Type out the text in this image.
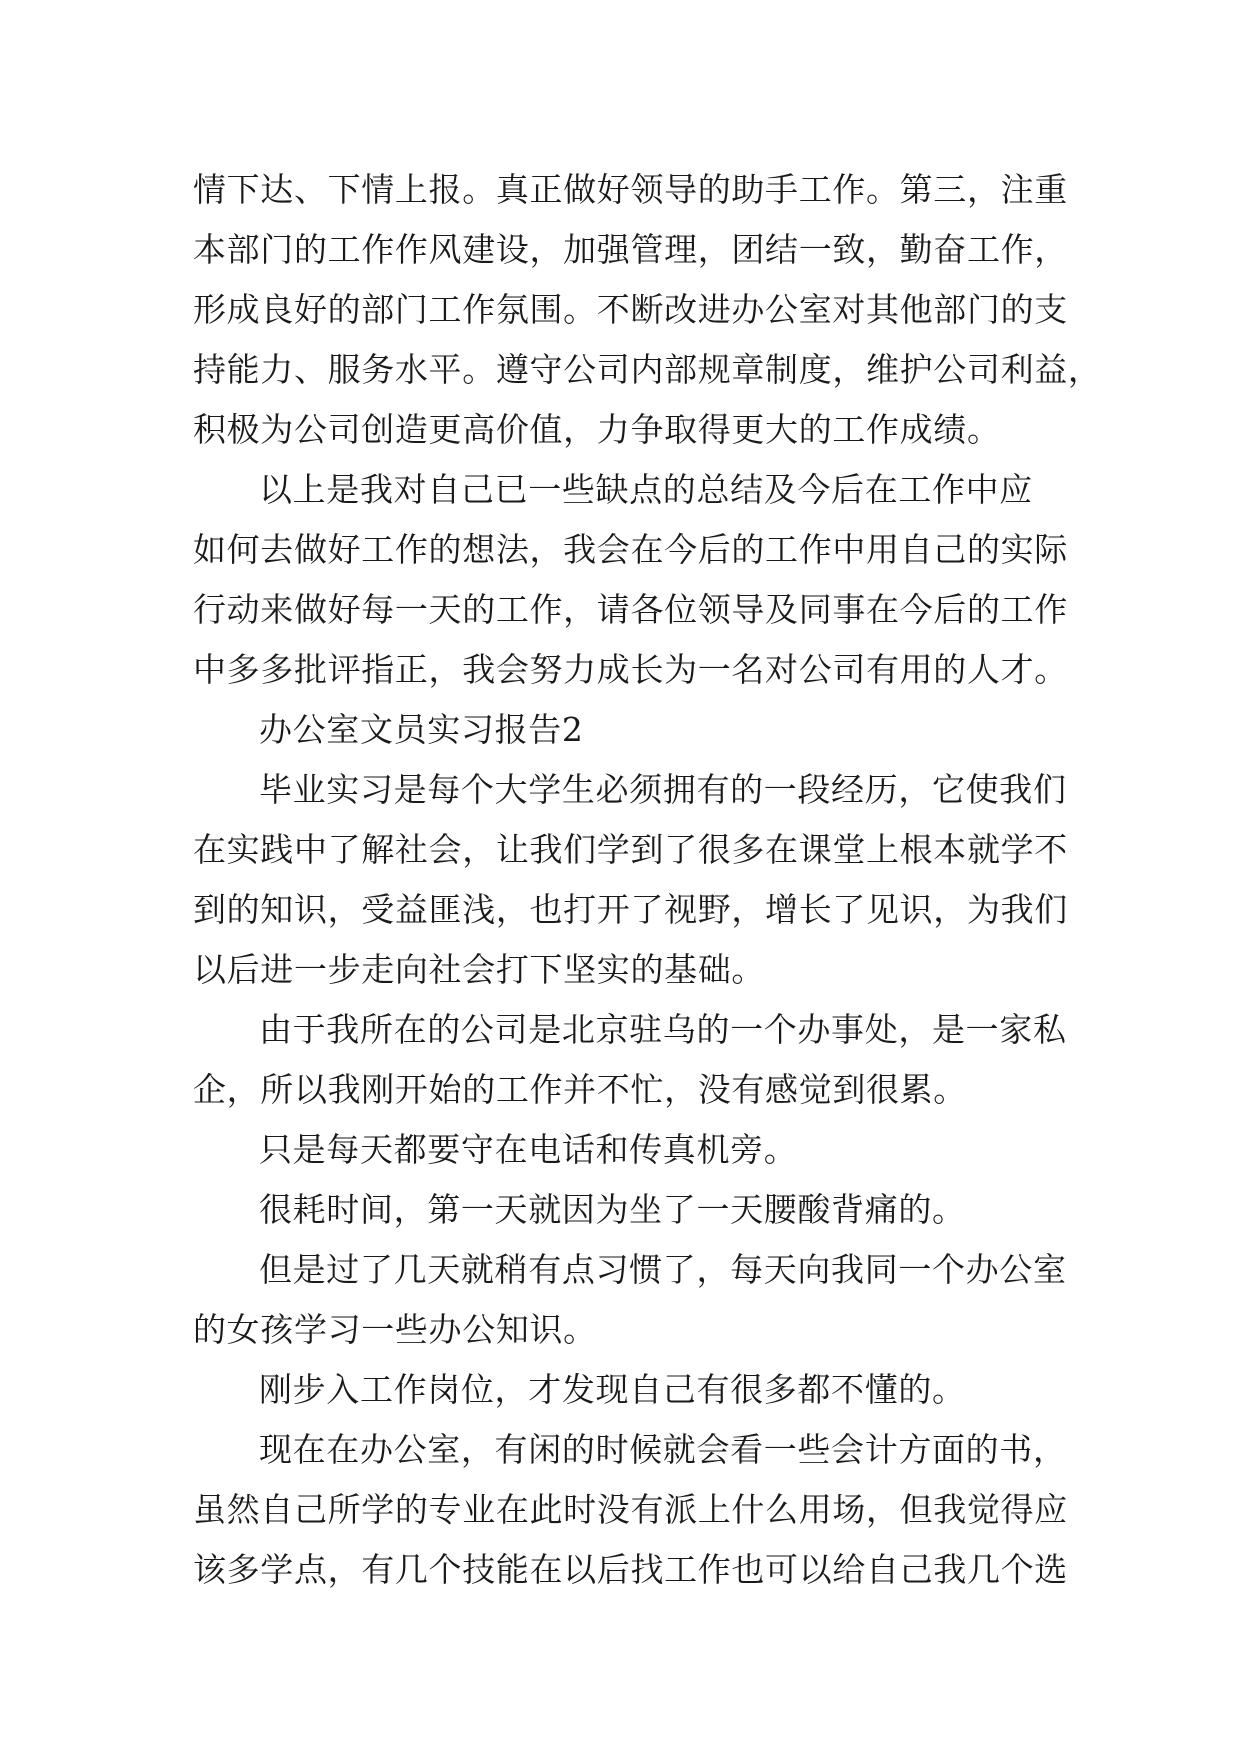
情下达、下情上报。真正做好领导的助手工作。第三，注重
本部门的工作作风建设，加强管理，团结一致，勤奋工作，
形成良好的部门工作氛围。不断改进办公室对其他部门的支
持能力、服务水平。遵守公司内部规章制度，维护公司利益，
积极为公司创造更高价值，力争取得更大的工作成绩。
以上是我对自己已一些缺点的总结及今后在工作中应
如何去做好工作的想法，我会在今后的工作中用自己的实际
行动来做好每一天的工作，请各位领导及同事在今后的工作
中多多批评指正，我会努力成长为一名对公司有用的人才。
办公室文员实习报告2
毕业实习是每个大学生必须拥有的一段经历，它使我们
在实践中了解社会，让我们学到了很多在课堂上根本就学不
到的知识，受益匪浅，也打开了视野，增长了见识，为我们
以后进一步走向社会打下坚实的基础。
由于我所在的公司是北京驻乌的一个办事处，是一家私
企，所以我刚开始的工作并不忙，没有感觉到很累。
只是每天都要守在电话和传真机旁。
很耗时间，第一天就因为坐了一天腰酸背痛的。
但是过了几天就稍有点习惯了，每天向我同一个办公室
的女孩学习一些办公知识。
刚步入工作岗位，才发现自己有很多都不懂的。
现在在办公室，有闲的时候就会看一些会计方面的书，
虽然自己所学的专业在此时没有派上什么用场，但我觉得应
该多学点，有几个技能在以后找工作也可以给自己我几个选
